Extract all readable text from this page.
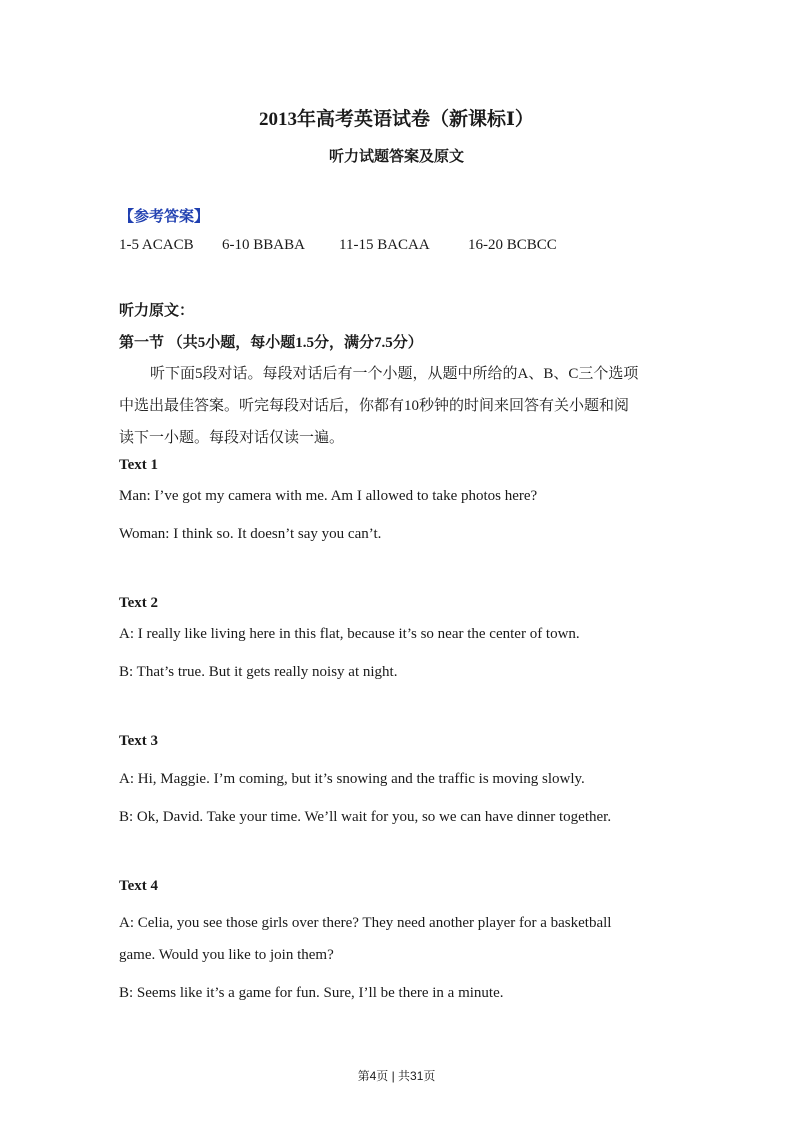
2013年高考英语试卷（新课标Ⅰ）
听力试题答案及原文
【参考答案】
1-5 ACACB 6-10 BBABA 11-15 BACAA	16-20 BCBCC
听力原文：
第一节 （共5小题，每小题1.5分，满分7.5分）
听下面5段对话。每段对话后有一个小题，从题中所给的A、B、C三个选项
中选出最佳答案。听完每段对话后，你都有10秒钟的时间来回答有关小题和阅
读下一小题。每段对话仅读一遍。
Text 1
Man: I’ve got my camera with me. Am I allowed to take photos here?
Woman: I think so. It doesn’t say you can’t.
Text 2
A: I really like living here in this flat, because it’s so near the center of town.
B: That’s true. But it gets really noisy at night.
Text 3
A: Hi, Maggie. I’m coming, but it’s snowing and the traffic is moving slowly.
B: Ok, David. Take your time. We’ll wait for you, so we can have dinner together.
Text 4
A: Celia, you see those girls over there? They need another player for a basketball
game. Would you like to join them?
B: Seems like it’s a game for fun. Sure, I’ll be there in a minute.
第4页 | 共31页
